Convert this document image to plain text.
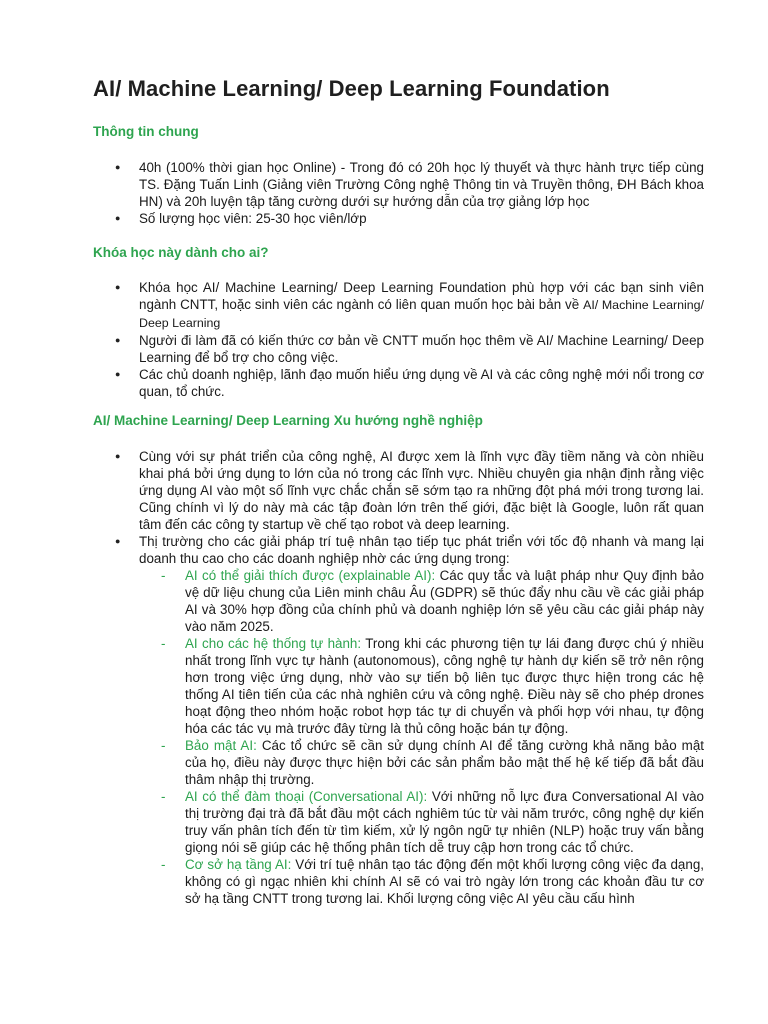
AI/ Machine Learning/ Deep Learning Foundation
Thông tin chung
● 40h (100% thời gian học Online) - Trong đó có 20h học lý thuyết và thực hành trực tiếp cùng TS. Đặng Tuấn Linh (Giảng viên Trường Công nghệ Thông tin và Truyền thông, ĐH Bách khoa HN) và 20h luyện tập tăng cường dưới sự hướng dẫn của trợ giảng lớp học
● Số lượng học viên: 25-30 học viên/lớp
Khóa học này dành cho ai?
● Khóa học AI/ Machine Learning/ Deep Learning Foundation phù hợp với các bạn sinh viên ngành CNTT, hoặc sinh viên các ngành có liên quan muốn học bài bản về AI/ Machine Learning/ Deep Learning
● Người đi làm đã có kiến thức cơ bản về CNTT muốn học thêm về AI/ Machine Learning/ Deep Learning để bổ trợ cho công việc.
● Các chủ doanh nghiệp, lãnh đạo muốn hiểu ứng dụng về AI và các công nghệ mới nổi trong cơ quan, tổ chức.
AI/ Machine Learning/ Deep Learning Xu hướng nghề nghiệp
● Cùng với sự phát triển của công nghệ, AI được xem là lĩnh vực đầy tiềm năng và còn nhiều khai phá bởi ứng dụng to lớn của nó trong các lĩnh vực. Nhiều chuyên gia nhận định rằng việc ứng dụng AI vào một số lĩnh vực chắc chắn sẽ sớm tạo ra những đột phá mới trong tương lai. Cũng chính vì lý do này mà các tập đoàn lớn trên thế giới, đặc biệt là Google, luôn rất quan tâm đến các công ty startup về chế tạo robot và deep learning.
● Thị trường cho các giải pháp trí tuệ nhân tạo tiếp tục phát triển với tốc độ nhanh và mang lại doanh thu cao cho các doanh nghiệp nhờ các ứng dụng trong:
- AI có thể giải thích được (explainable AI): Các quy tắc và luật pháp như Quy định bảo vệ dữ liệu chung của Liên minh châu Âu (GDPR) sẽ thúc đẩy nhu cầu về các giải pháp AI và 30% hợp đồng của chính phủ và doanh nghiệp lớn sẽ yêu cầu các giải pháp này vào năm 2025.
- AI cho các hệ thống tự hành: Trong khi các phương tiện tự lái đang được chú ý nhiều nhất trong lĩnh vực tự hành (autonomous), công nghệ tự hành dự kiến sẽ trở nên rộng hơn trong việc ứng dụng, nhờ vào sự tiến bộ liên tục được thực hiện trong các hệ thống AI tiên tiến của các nhà nghiên cứu và công nghệ. Điều này sẽ cho phép drones hoạt động theo nhóm hoặc robot hợp tác tự di chuyển và phối hợp với nhau, tự động hóa các tác vụ mà trước đây từng là thủ công hoặc bán tự động.
- Bảo mật AI: Các tổ chức sẽ cần sử dụng chính AI để tăng cường khả năng bảo mật của họ, điều này được thực hiện bởi các sản phẩm bảo mật thế hệ kế tiếp đã bắt đầu thâm nhập thị trường.
- AI có thể đàm thoại (Conversational AI): Với những nỗ lực đưa Conversational AI vào thị trường đại trà đã bắt đầu một cách nghiêm túc từ vài năm trước, công nghệ dự kiến truy vấn phân tích đến từ tìm kiếm, xử lý ngôn ngữ tự nhiên (NLP) hoặc truy vấn bằng giọng nói sẽ giúp các hệ thống phân tích dễ truy cập hơn trong các tổ chức.
- Cơ sở hạ tầng AI: Với trí tuệ nhân tạo tác động đến một khối lượng công việc đa dạng, không có gì ngạc nhiên khi chính AI sẽ có vai trò ngày lớn trong các khoản đầu tư cơ sở hạ tầng CNTT trong tương lai. Khối lượng công việc AI yêu cầu cấu hình
